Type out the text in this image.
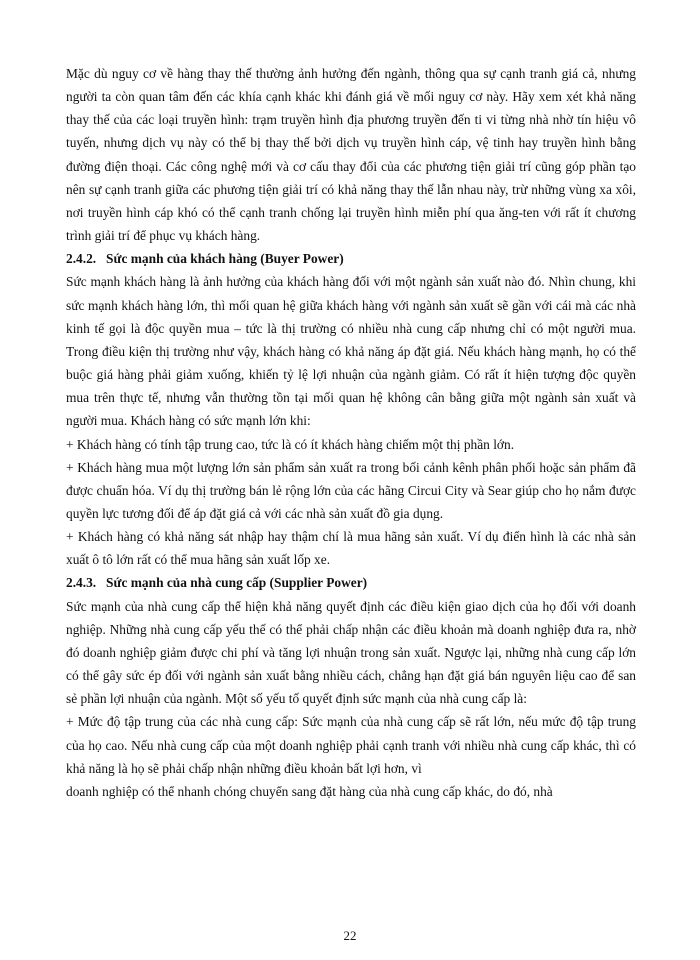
Mặc dù nguy cơ về hàng thay thế thường ảnh hưởng đến ngành, thông qua sự cạnh tranh giá cả, nhưng người ta còn quan tâm đến các khía cạnh khác khi đánh giá về mối nguy cơ này. Hãy xem xét khả năng thay thế của các loại truyền hình: trạm truyền hình địa phương truyền đến ti vi từng nhà nhờ tín hiệu vô tuyến, nhưng dịch vụ này có thể bị thay thế bởi dịch vụ truyền hình cáp, vệ tinh hay truyền hình bằng đường điện thoại. Các công nghệ mới và cơ cấu thay đổi của các phương tiện giải trí cũng góp phần tạo nên sự cạnh tranh giữa các phương tiện giải trí có khả năng thay thế lẫn nhau này, trừ những vùng xa xôi, nơi truyền hình cáp khó có thể cạnh tranh chống lại truyền hình miễn phí qua ăng-ten với rất ít chương trình giải trí để phục vụ khách hàng.

2.4.2. Sức mạnh của khách hàng (Buyer Power)

Sức mạnh khách hàng là ảnh hưởng của khách hàng đối với một ngành sản xuất nào đó. Nhìn chung, khi sức mạnh khách hàng lớn, thì mối quan hệ giữa khách hàng với ngành sản xuất sẽ gần với cái mà các nhà kinh tế gọi là độc quyền mua – tức là thị trường có nhiều nhà cung cấp nhưng chỉ có một người mua. Trong điều kiện thị trường như vậy, khách hàng có khả năng áp đặt giá. Nếu khách hàng mạnh, họ có thể buộc giá hàng phải giảm xuống, khiến tỷ lệ lợi nhuận của ngành giảm. Có rất ít hiện tượng độc quyền mua trên thực tế, nhưng vẫn thường tồn tại mối quan hệ không cân bằng giữa một ngành sản xuất và người mua. Khách hàng có sức mạnh lớn khi:

+ Khách hàng có tính tập trung cao, tức là có ít khách hàng chiếm một thị phần lớn.

+ Khách hàng mua một lượng lớn sản phẩm sản xuất ra trong bối cảnh kênh phân phối hoặc sản phẩm đã được chuẩn hóa. Ví dụ thị trường bán lẻ rộng lớn của các hãng Circui City và Sear giúp cho họ nắm được quyền lực tương đối để áp đặt giá cả với các nhà sản xuất đồ gia dụng.

+ Khách hàng có khả năng sát nhập hay thậm chí là mua hãng sản xuất. Ví dụ điển hình là các nhà sản xuất ô tô lớn rất có thể mua hãng sản xuất lốp xe.

2.4.3. Sức mạnh của nhà cung cấp (Supplier Power)

Sức mạnh của nhà cung cấp thể hiện khả năng quyết định các điều kiện giao dịch của họ đối với doanh nghiệp. Những nhà cung cấp yếu thế có thể phải chấp nhận các điều khoản mà doanh nghiệp đưa ra, nhờ đó doanh nghiệp giảm được chi phí và tăng lợi nhuận trong sản xuất. Ngược lại, những nhà cung cấp lớn có thể gây sức ép đối với ngành sản xuất bằng nhiều cách, chẳng hạn đặt giá bán nguyên liệu cao để san sẻ phần lợi nhuận của ngành. Một số yếu tố quyết định sức mạnh của nhà cung cấp là:

+ Mức độ tập trung của các nhà cung cấp: Sức mạnh của nhà cung cấp sẽ rất lớn, nếu mức độ tập trung của họ cao. Nếu nhà cung cấp của một doanh nghiệp phải cạnh tranh với nhiều nhà cung cấp khác, thì có khả năng là họ sẽ phải chấp nhận những điều khoản bất lợi hơn, vì

doanh nghiệp có thể nhanh chóng chuyển sang đặt hàng của nhà cung cấp khác, do đó, nhà

22
